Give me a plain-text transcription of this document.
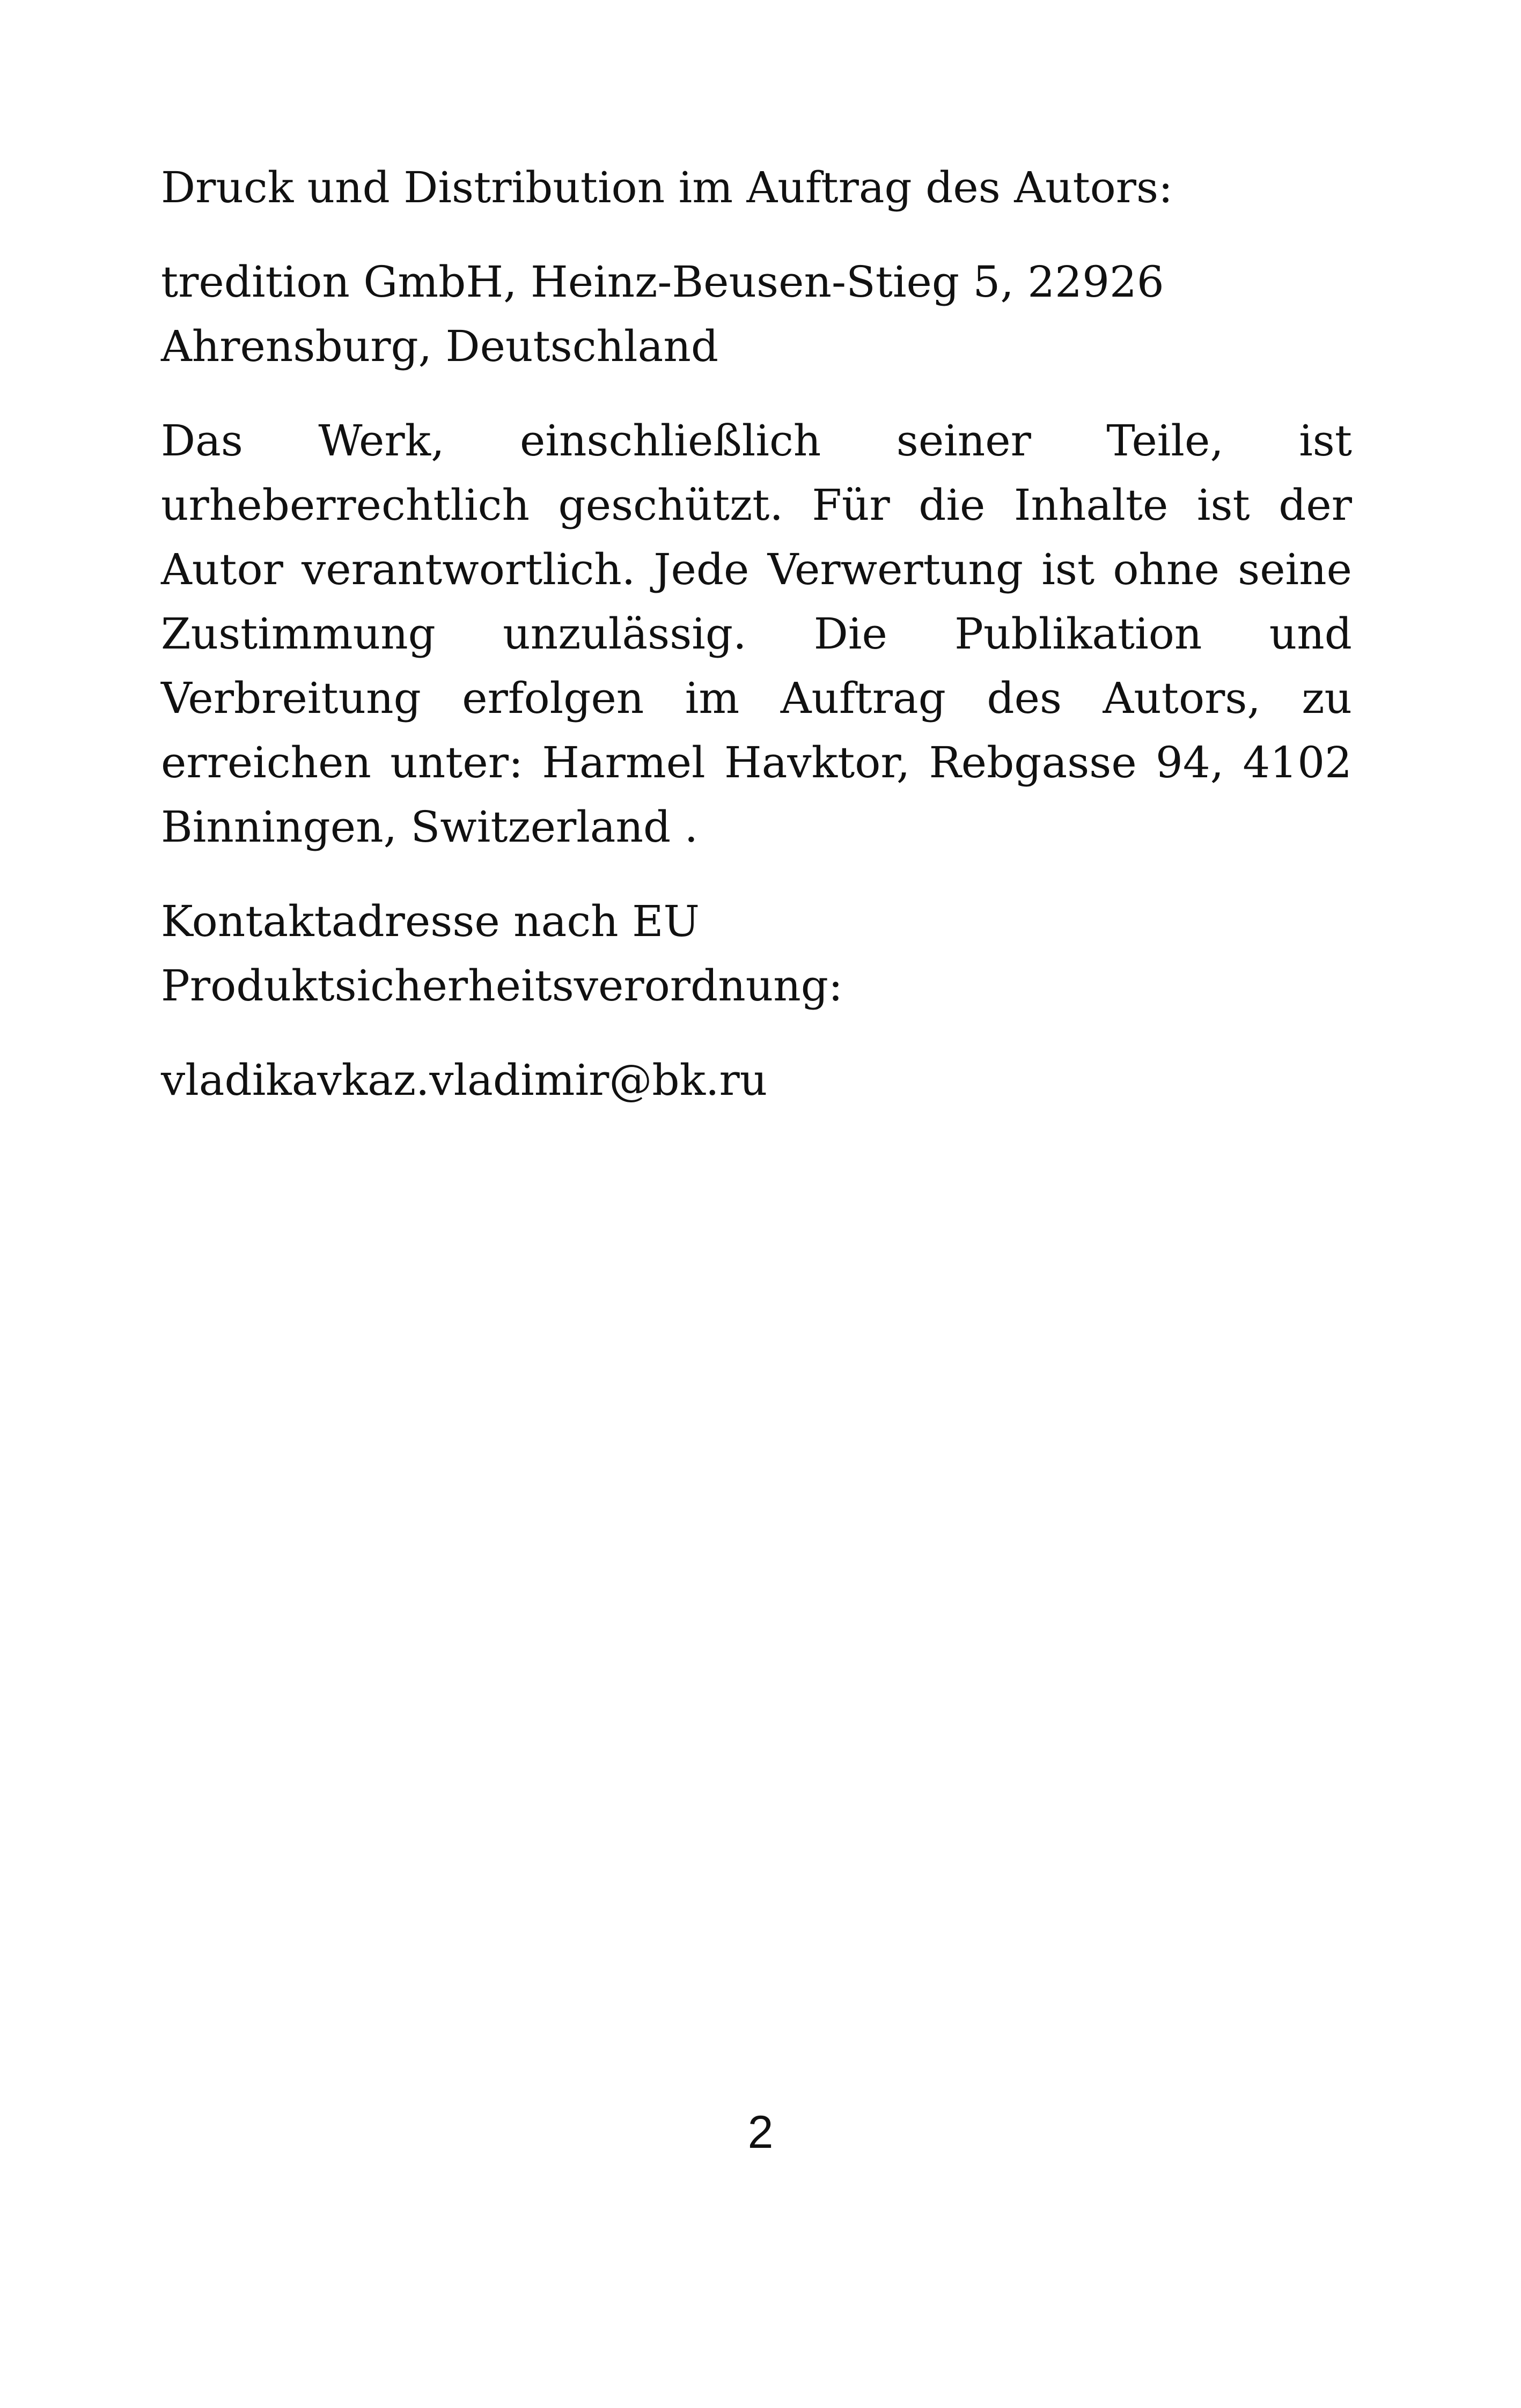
Druck und Distribution im Auftrag des Autors:

tredition GmbH, Heinz-Beusen-Stieg 5, 22926
Ahrensburg, Deutschland

Das Werk, einschließlich seiner Teile, ist urheberrechtlich geschützt. Für die Inhalte ist der Autor verantwortlich. Jede Verwertung ist ohne seine Zustimmung unzulässig. Die Publikation und Verbreitung erfolgen im Auftrag des Autors, zu erreichen unter: Harmel Havktor, Rebgasse 94, 4102 Binningen, Switzerland .

Kontaktadresse nach EU
Produktsicherheitsverordnung:

vladikavkaz.vladimir@bk.ru

2
